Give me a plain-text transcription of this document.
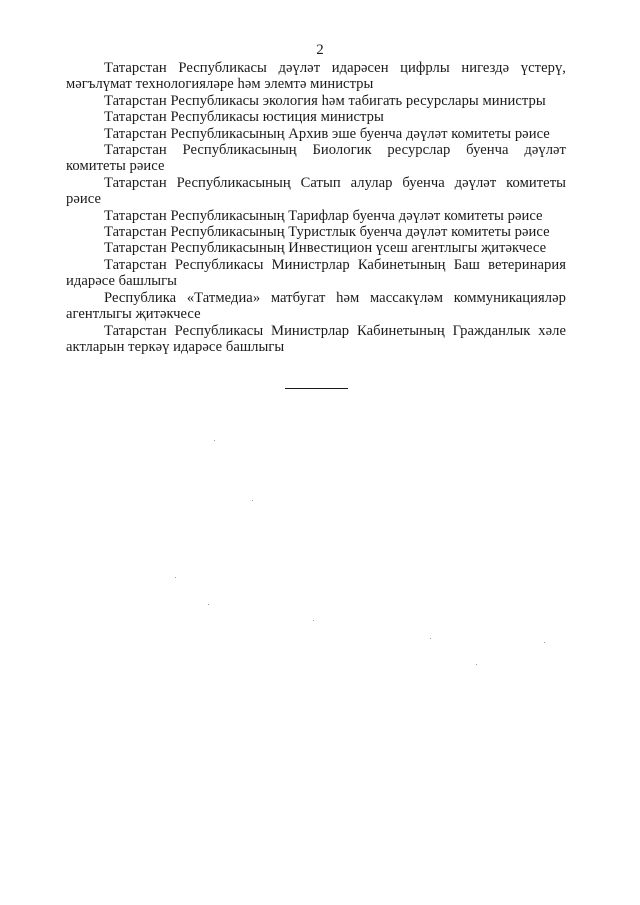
2

Татарстан Республикасы дәүләт идарәсен цифрлы нигездә үстерү, мәгълүмат технологияләре һәм элемтә министры

Татарстан Республикасы экология һәм табигать ресурслары министры

Татарстан Республикасы юстиция министры

Татарстан Республикасының Архив эше буенча дәүләт комитеты рәисе

Татарстан Республикасының Биологик ресурслар буенча дәүләт комитеты рәисе

Татарстан Республикасының Сатып алулар буенча дәүләт комитеты рәисе

Татарстан Республикасының Тарифлар буенча дәүләт комитеты рәисе

Татарстан Республикасының Туристлык буенча дәүләт комитеты рәисе

Татарстан Республикасының Инвестицион үсеш агентлыгы җитәкчесе

Татарстан Республикасы Министрлар Кабинетының Баш ветеринария идарәсе башлыгы

Республика «Татмедиа» матбугат һәм массакүләм коммуникацияләр агентлыгы җитәкчесе

Татарстан Республикасы Министрлар Кабинетының Гражданлык хәле актларын теркәү идарәсе башлыгы
